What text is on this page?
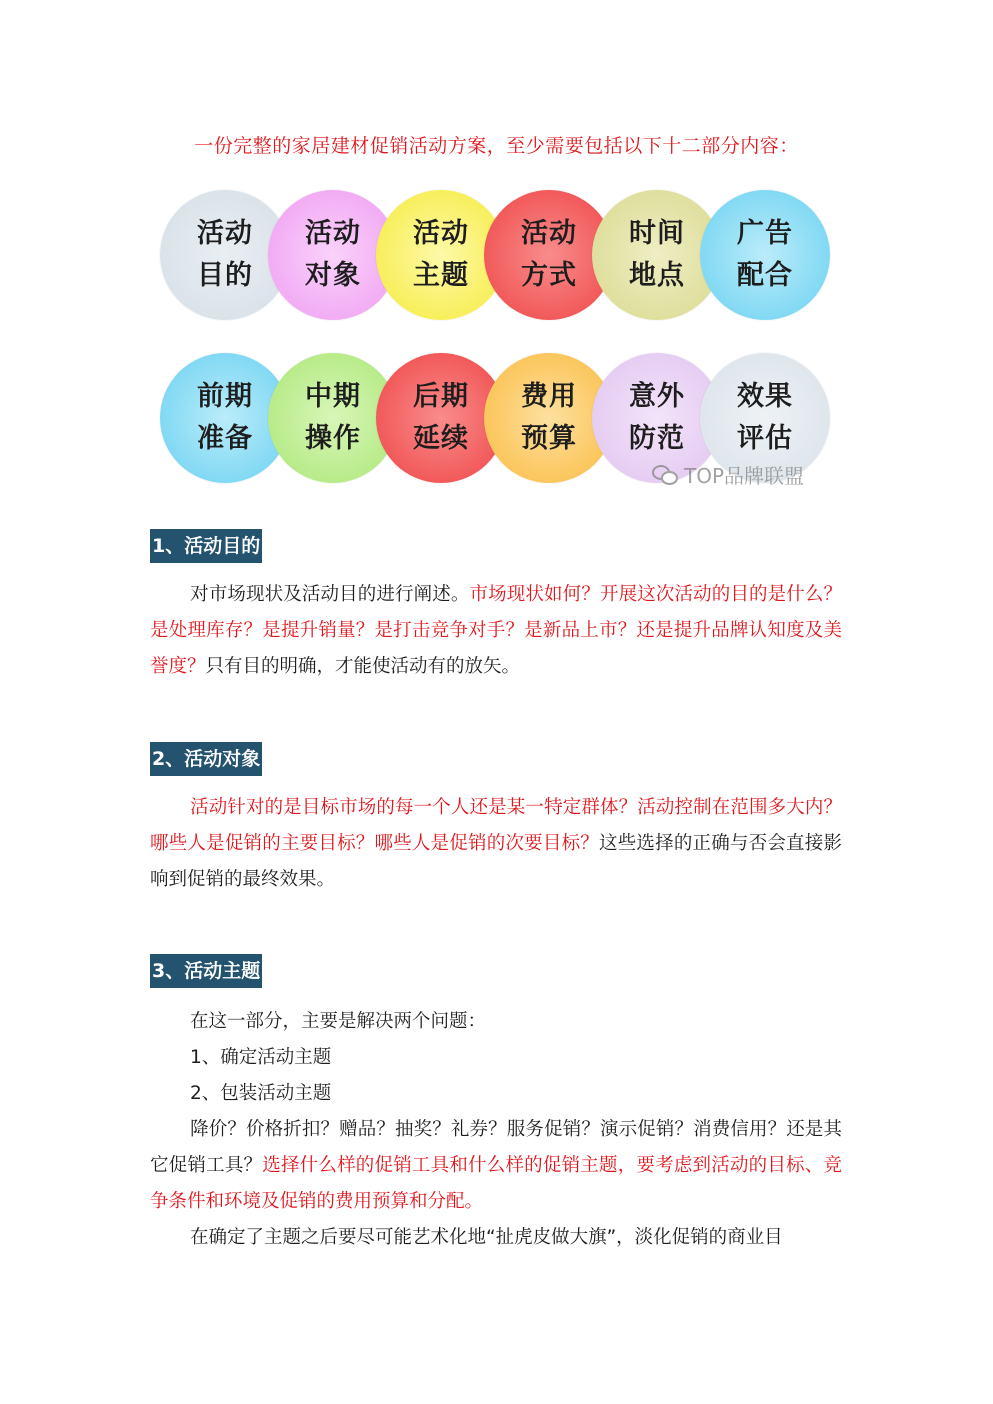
一份完整的家居建材促销活动方案，至少需要包括以下十二部分内容：
活动
目的
活动
对象
活动
主题
活动
方式
时间
地点
广告
配合
前期
准备
中期
操作
后期
延续
费用
预算
意外
防范
效果
评估
TOP品牌联盟
1、活动目的
对市场现状及活动目的进行阐述。市场现状如何？开展这次活动的目的是什么？是处理库存？是提升销量？是打击竞争对手？是新品上市？还是提升品牌认知度及美誉度？只有目的明确，才能使活动有的放矢。
2、活动对象
活动针对的是目标市场的每一个人还是某一特定群体？活动控制在范围多大内？哪些人是促销的主要目标？哪些人是促销的次要目标？这些选择的正确与否会直接影响到促销的最终效果。
3、活动主题
在这一部分，主要是解决两个问题：
1、确定活动主题
2、包装活动主题
降价？价格折扣？赠品？抽奖？礼券？服务促销？演示促销？消费信用？还是其它促销工具？选择什么样的促销工具和什么样的促销主题，要考虑到活动的目标、竞争条件和环境及促销的费用预算和分配。
在确定了主题之后要尽可能艺术化地“扯虎皮做大旗”，淡化促销的商业目
